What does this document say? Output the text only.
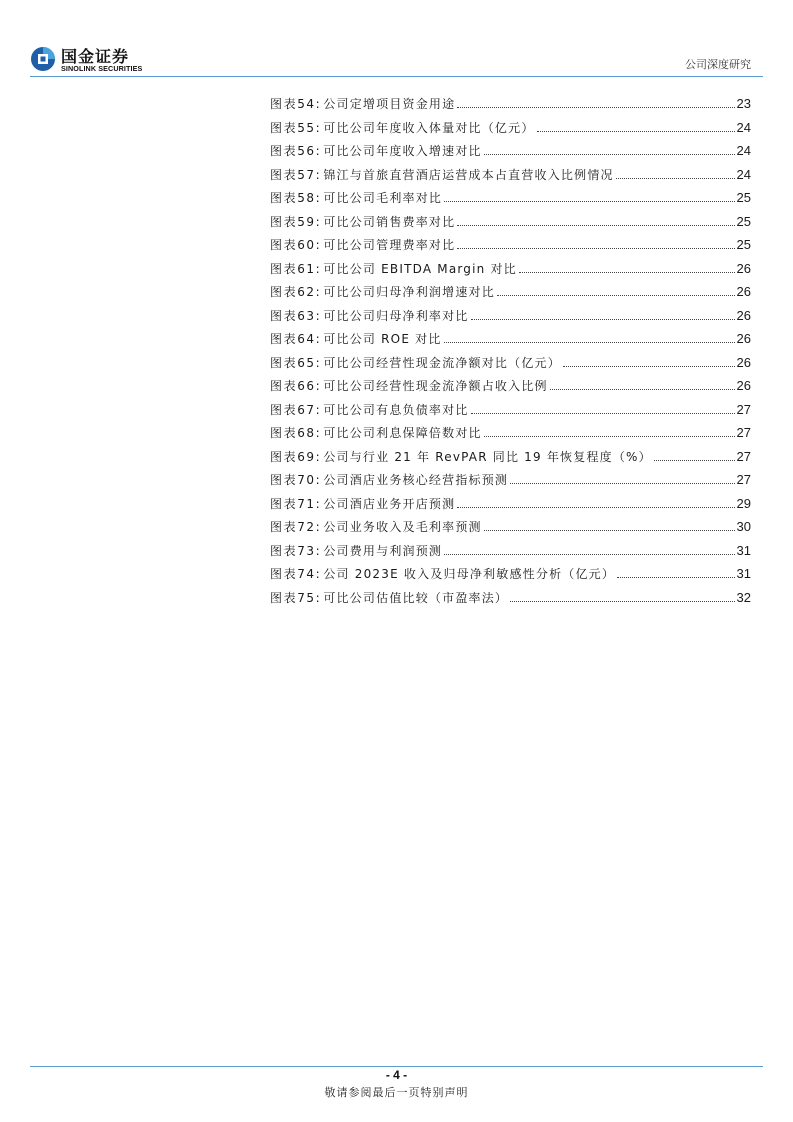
国金证券
SINOLINK SECURITIES	公司深度研究
图表54: 公司定增项目资金用途	23
图表55: 可比公司年度收入体量对比（亿元）	24
图表56: 可比公司年度收入增速对比	24
图表57: 锦江与首旅直营酒店运营成本占直营收入比例情况	24
图表58: 可比公司毛利率对比	25
图表59: 可比公司销售费率对比	25
图表60: 可比公司管理费率对比	25
图表61: 可比公司 EBITDA Margin 对比	26
图表62: 可比公司归母净利润增速对比	26
图表63: 可比公司归母净利率对比	26
图表64: 可比公司 ROE 对比	26
图表65: 可比公司经营性现金流净额对比（亿元）	26
图表66: 可比公司经营性现金流净额占收入比例	26
图表67: 可比公司有息负债率对比	27
图表68: 可比公司利息保障倍数对比	27
图表69: 公司与行业 21 年 RevPAR 同比 19 年恢复程度（%）	27
图表70: 公司酒店业务核心经营指标预测	27
图表71: 公司酒店业务开店预测	29
图表72: 公司业务收入及毛利率预测	30
图表73: 公司费用与利润预测	31
图表74: 公司 2023E 收入及归母净利敏感性分析（亿元）	31
图表75: 可比公司估值比较（市盈率法）	32
- 4 -
敬请参阅最后一页特别声明
